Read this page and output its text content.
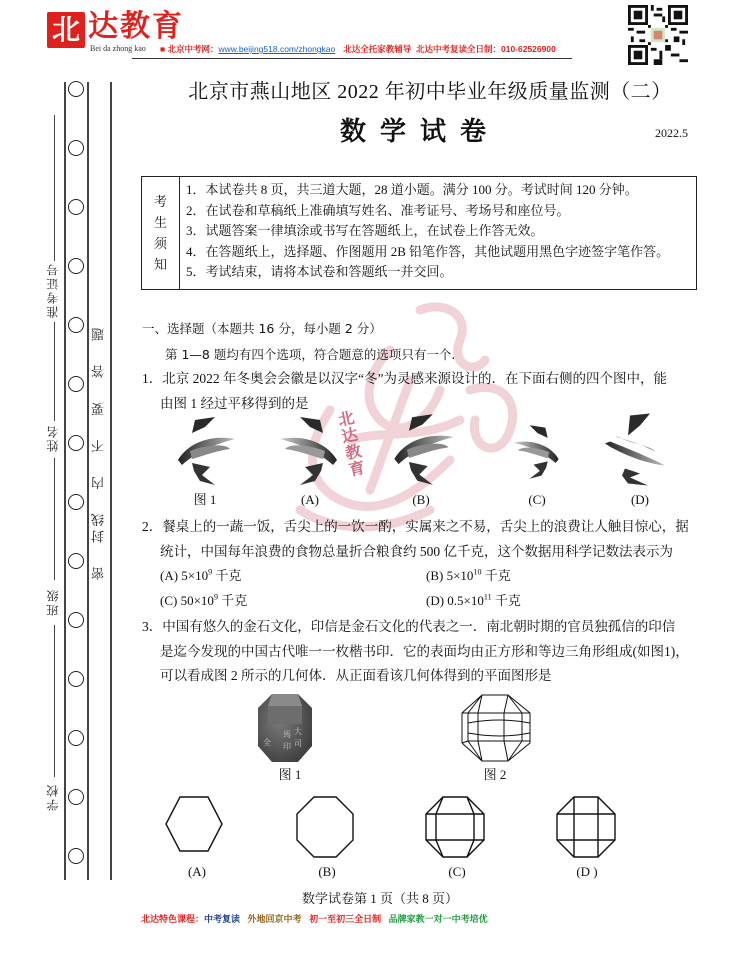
北 达教育
Bei da zhong kao ■ 北京中考网：www.beijing518.com/zhongkao 北达全托家教辅导 北达中考复读全日制：010-62526900
北京市燕山地区 2022 年初中毕业年级质量监测（二）
数学试卷	2022.5
考
生
须
知
1．本试卷共 8 页，共三道大题，28 道小题。满分 100 分。考试时间 120 分钟。
2．在试卷和草稿纸上准确填写姓名、准考证号、考场号和座位号。
3．试题答案一律填涂或书写在答题纸上，在试卷上作答无效。
4．在答题纸上，选择题、作图题用 2B 铅笔作答，其他试题用黑色字迹签字笔作答。
5．考试结束，请将本试卷和答题纸一并交回。
准考证号
姓名
班级
学校
线 内 不 要 答 题
密 封
北达教育
一、选择题（本题共 16 分，每小题 2 分）
第 1—8 题均有四个选项，符合题意的选项只有一个.
1．北京 2022 年冬奥会会徽是以汉字“冬”为灵感来源设计的．在下面右侧的四个图中，能
由图 1 经过平移得到的是
图 1	(A)	(B)	(C)	(D)
2．餐桌上的一蔬一饭，舌尖上的一饮一酌，实属来之不易，舌尖上的浪费让人触目惊心，据
统计，中国每年浪费的食物总量折合粮食约 500 亿千克，这个数据用科学记数法表示为
(A) $5\times 10^9$ 千克	(B) $5\times 10^{10}$ 千克
(C) $50\times 10^9$ 千克	(D) $0.5\times 10^{11}$ 千克
3．中国有悠久的金石文化，印信是金石文化的代表之一．南北朝时期的官员独孤信的印信
是迄今发现的中国古代唯一一枚楷书印．它的表面均由正方形和等边三角形组成(如图1)，
可以看成图 2 所示的几何体．从正面看该几何体得到的平面图形是
大
司
馬
印
全
图 1	图 2
(A)	(B)	(C)	(D )
数学试卷第 1 页（共 8 页）
北达特色课程：中考复读 外地回京中考 初一至初三全日制 品牌家教一对一中考培优
